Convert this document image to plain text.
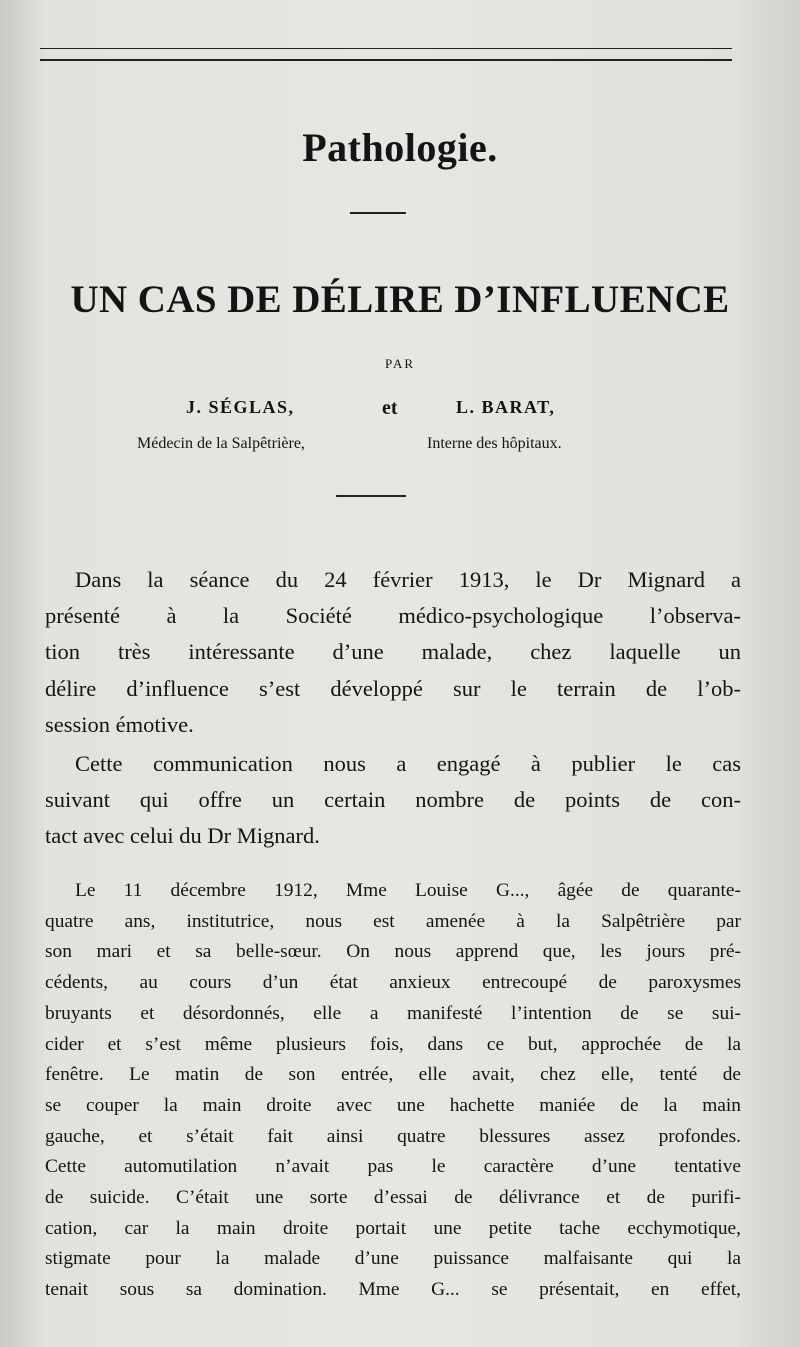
Pathologie.
UN CAS DE DÉLIRE D’INFLUENCE
PAR
J. SÉGLAS,	et	L. BARAT,
Médecin de la Salpêtrière,	Interne des hôpitaux.
Dans la séance du 24 février 1913, le Dr Mignard a
présenté à la Société médico-psychologique l’observa-
tion très intéressante d’une malade, chez laquelle un
délire d’influence s’est développé sur le terrain de l’ob-
session émotive.
Cette communication nous a engagé à publier le cas
suivant qui offre un certain nombre de points de con-
tact avec celui du Dr Mignard.
Le 11 décembre 1912, Mme Louise G..., âgée de quarante-
quatre ans, institutrice, nous est amenée à la Salpêtrière par
son mari et sa belle-sœur. On nous apprend que, les jours pré-
cédents, au cours d’un état anxieux entrecoupé de paroxysmes
bruyants et désordonnés, elle a manifesté l’intention de se sui-
cider et s’est même plusieurs fois, dans ce but, approchée de la
fenêtre. Le matin de son entrée, elle avait, chez elle, tenté de
se couper la main droite avec une hachette maniée de la main
gauche, et s’était fait ainsi quatre blessures assez profondes.
Cette automutilation n’avait pas le caractère d’une tentative
de suicide. C’était une sorte d’essai de délivrance et de purifi-
cation, car la main droite portait une petite tache ecchymotique,
stigmate pour la malade d’une puissance malfaisante qui la
tenait sous sa domination. Mme G... se présentait, en effet,
